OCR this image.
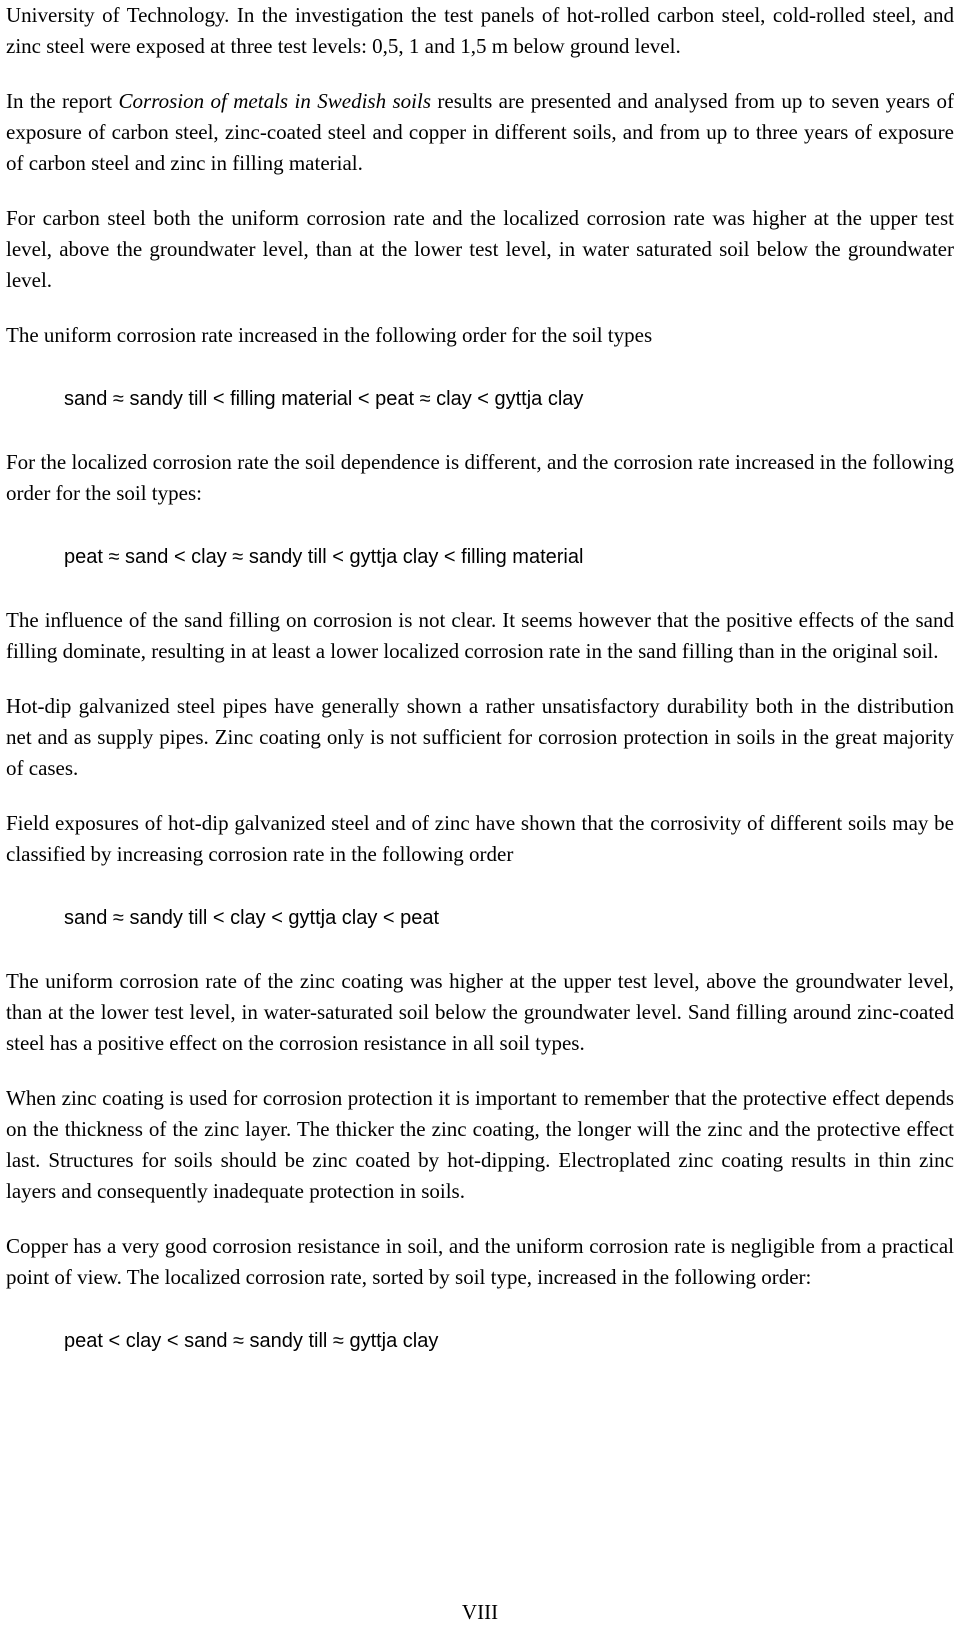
University of Technology. In the investigation the test panels of hot-rolled carbon steel, cold-rolled steel, and zinc steel were exposed at three test levels: 0,5, 1 and 1,5 m below ground level.

In the report Corrosion of metals in Swedish soils results are presented and analysed from up to seven years of exposure of carbon steel, zinc-coated steel and copper in different soils, and from up to three years of exposure of carbon steel and zinc in filling material.

For carbon steel both the uniform corrosion rate and the localized corrosion rate was higher at the upper test level, above the groundwater level, than at the lower test level, in water saturated soil below the groundwater level.

The uniform corrosion rate increased in the following order for the soil types

sand ≈ sandy till < filling material < peat ≈ clay < gyttja clay

For the localized corrosion rate the soil dependence is different, and the corrosion rate increased in the following order for the soil types:

peat ≈ sand < clay ≈ sandy till < gyttja clay < filling material

The influence of the sand filling on corrosion is not clear. It seems however that the positive effects of the sand filling dominate, resulting in at least a lower localized corrosion rate in the sand filling than in the original soil.

Hot-dip galvanized steel pipes have generally shown a rather unsatisfactory durability both in the distribution net and as supply pipes. Zinc coating only is not sufficient for corrosion protection in soils in the great majority of cases.

Field exposures of hot-dip galvanized steel and of zinc have shown that the corrosivity of different soils may be classified by increasing corrosion rate in the following order

sand ≈ sandy till < clay < gyttja clay < peat

The uniform corrosion rate of the zinc coating was higher at the upper test level, above the groundwater level, than at the lower test level, in water-saturated soil below the groundwater level. Sand filling around zinc-coated steel has a positive effect on the corrosion resistance in all soil types.

When zinc coating is used for corrosion protection it is important to remember that the protective effect depends on the thickness of the zinc layer. The thicker the zinc coating, the longer will the zinc and the protective effect last. Structures for soils should be zinc coated by hot-dipping. Electroplated zinc coating results in thin zinc layers and consequently inadequate protection in soils.

Copper has a very good corrosion resistance in soil, and the uniform corrosion rate is negligible from a practical point of view. The localized corrosion rate, sorted by soil type, increased in the following order:

peat < clay < sand ≈ sandy till ≈ gyttja clay

VIII
